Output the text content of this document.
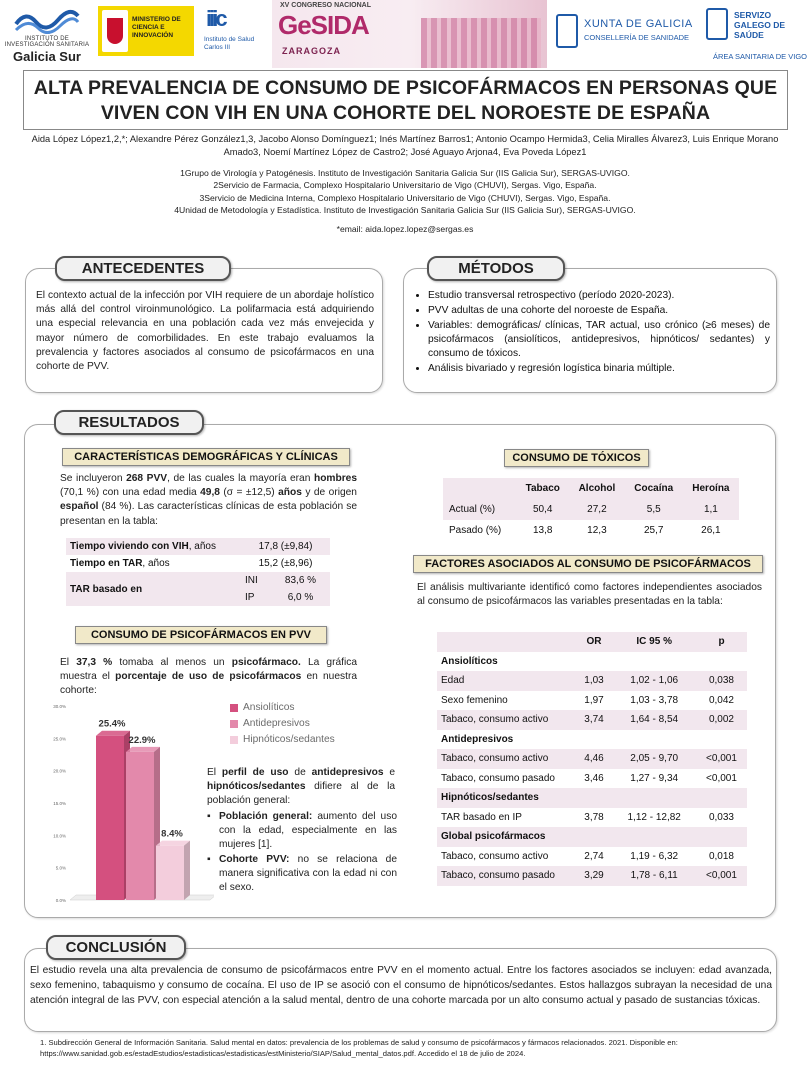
INSTITUTO DE
INVESTIGACIÓN SANITARIA
Galicia Sur
MINISTERIO DE CIENCIA E INNOVACIÓN
iiic
Instituto de Salud Carlos III
XV CONGRESO NACIONAL
GeSIDA
ZARAGOZA
XUNTA DE GALICIA
CONSELLERÍA DE SANIDADE
SERVIZO GALEGO DE SAÚDE
ÁREA SANITARIA DE VIGO
ALTA PREVALENCIA DE CONSUMO DE PSICOFÁRMACOS EN PERSONAS QUE VIVEN CON VIH EN UNA COHORTE DEL NOROESTE DE ESPAÑA
Aida López López1,2,*; Alexandre Pérez González1,3, Jacobo Alonso Domínguez1; Inés Martínez Barros1; Antonio Ocampo Hermida3, Celia Miralles Álvarez3, Luis Enrique Morano Amado3, Noemí Martínez López de Castro2; José Aguayo Arjona4, Eva Poveda López1
1Grupo de Virología y Patogénesis. Instituto de Investigación Sanitaria Galicia Sur (IIS Galicia Sur), SERGAS-UVIGO.
2Servicio de Farmacia, Complexo Hospitalario Universitario de Vigo (CHUVI), Sergas. Vigo, España.
3Servicio de Medicina Interna, Complexo Hospitalario Universitario de Vigo (CHUVI), Sergas. Vigo, España.
4Unidad de Metodología y Estadística. Instituto de Investigación Sanitaria Galicia Sur (IIS Galicia Sur), SERGAS-UVIGO.
*email: aida.lopez.lopez@sergas.es
El contexto actual de la infección por VIH requiere de un abordaje holístico más allá del control viroinmunológico. La polifarmacia está adquiriendo una especial relevancia en una población cada vez más envejecida y mayor número de comorbilidades. En este trabajo evaluamos la prevalencia y factores asociados al consumo de psicofármacos en una cohorte de PVV.
ANTECEDENTES
• Estudio transversal retrospectivo (período 2020-2023).
• PVV adultas de una cohorte del noroeste de España.
• Variables: demográficas/ clínicas, TAR actual, uso crónico (≥6 meses) de psicofármacos (ansiolíticos, antidepresivos, hipnóticos/ sedantes) y consumo de tóxicos.
• Análisis bivariado y regresión logística binaria múltiple.
MÉTODOS
RESULTADOS
CARACTERÍSTICAS DEMOGRÁFICAS Y CLÍNICAS
Se incluyeron 268 PVV, de las cuales la mayoría eran hombres (70,1 %) con una edad media 49,8 (σ = ±12,5) años y de origen español (84 %). Las características clínicas de esta población se presentan en la tabla:
Tiempo viviendo con VIH, años	17,8 (±9,84)	
Tiempo en TAR, años	15,2 (±8,96)	
TAR basado en	INI	83,6 %
	IP	6,0 %
CONSUMO DE PSICOFÁRMACOS EN PVV
El 37,3 % tomaba al menos un psicofármaco. La gráfica muestra el porcentaje de uso de psicofármacos en nuestra cohorte:
30.0%
25.0%
20.0%
15.0%
10.0%
5.0%
0.0%
25.4%
22.9%
8.4%
Ansiolíticos
Antidepresivos
Hipnóticos/sedantes
El perfil de uso de antidepresivos e hipnóticos/sedantes difiere al de la población general:
▪ Población general: aumento del uso con la edad, especialmente en las mujeres [1].
▪ Cohorte PVV: no se relaciona de manera significativa con la edad ni con el sexo.
CONSUMO DE TÓXICOS
	Tabaco	Alcohol	Cocaína	Heroína
Actual (%)	50,4	27,2	5,5	1,1
Pasado (%)	13,8	12,3	25,7	26,1
FACTORES ASOCIADOS AL CONSUMO DE PSICOFÁRMACOS
El análisis multivariante identificó como factores independientes asociados al consumo de psicofármacos las variables presentadas en la tabla:
	OR	IC 95 %	p
Ansiolíticos			
Edad	1,03	1,02 - 1,06	0,038
Sexo femenino	1,97	1,03 - 3,78	0,042
Tabaco, consumo activo	3,74	1,64 - 8,54	0,002
Antidepresivos			
Tabaco, consumo activo	4,46	2,05 - 9,70	<0,001
Tabaco, consumo pasado	3,46	1,27 - 9,34	<0,001
Hipnóticos/sedantes			
TAR basado en IP	3,78	1,12 - 12,82	0,033
Global psicofármacos			
Tabaco, consumo activo	2,74	1,19 - 6,32	0,018
Tabaco, consumo pasado	3,29	1,78 - 6,11	<0,001
El estudio revela una alta prevalencia de consumo de psicofármacos entre PVV en el momento actual. Entre los factores asociados se incluyen: edad avanzada, sexo femenino, tabaquismo y consumo de cocaína. El uso de IP se asoció con el consumo de hipnóticos/sedantes. Estos hallazgos subrayan la necesidad de una atención integral de las PVV, con especial atención a la salud mental, dentro de una cohorte marcada por un alto consumo actual y pasado de sustancias tóxicas.
CONCLUSIÓN
1. Subdirección General de Información Sanitaria. Salud mental en datos: prevalencia de los problemas de salud y consumo de psicofármacos y fármacos relacionados. 2021. Disponible en: https://www.sanidad.gob.es/estadEstudios/estadisticas/estadisticas/estMinisterio/SIAP/Salud_mental_datos.pdf. Accedido el 18 de julio de 2024.
